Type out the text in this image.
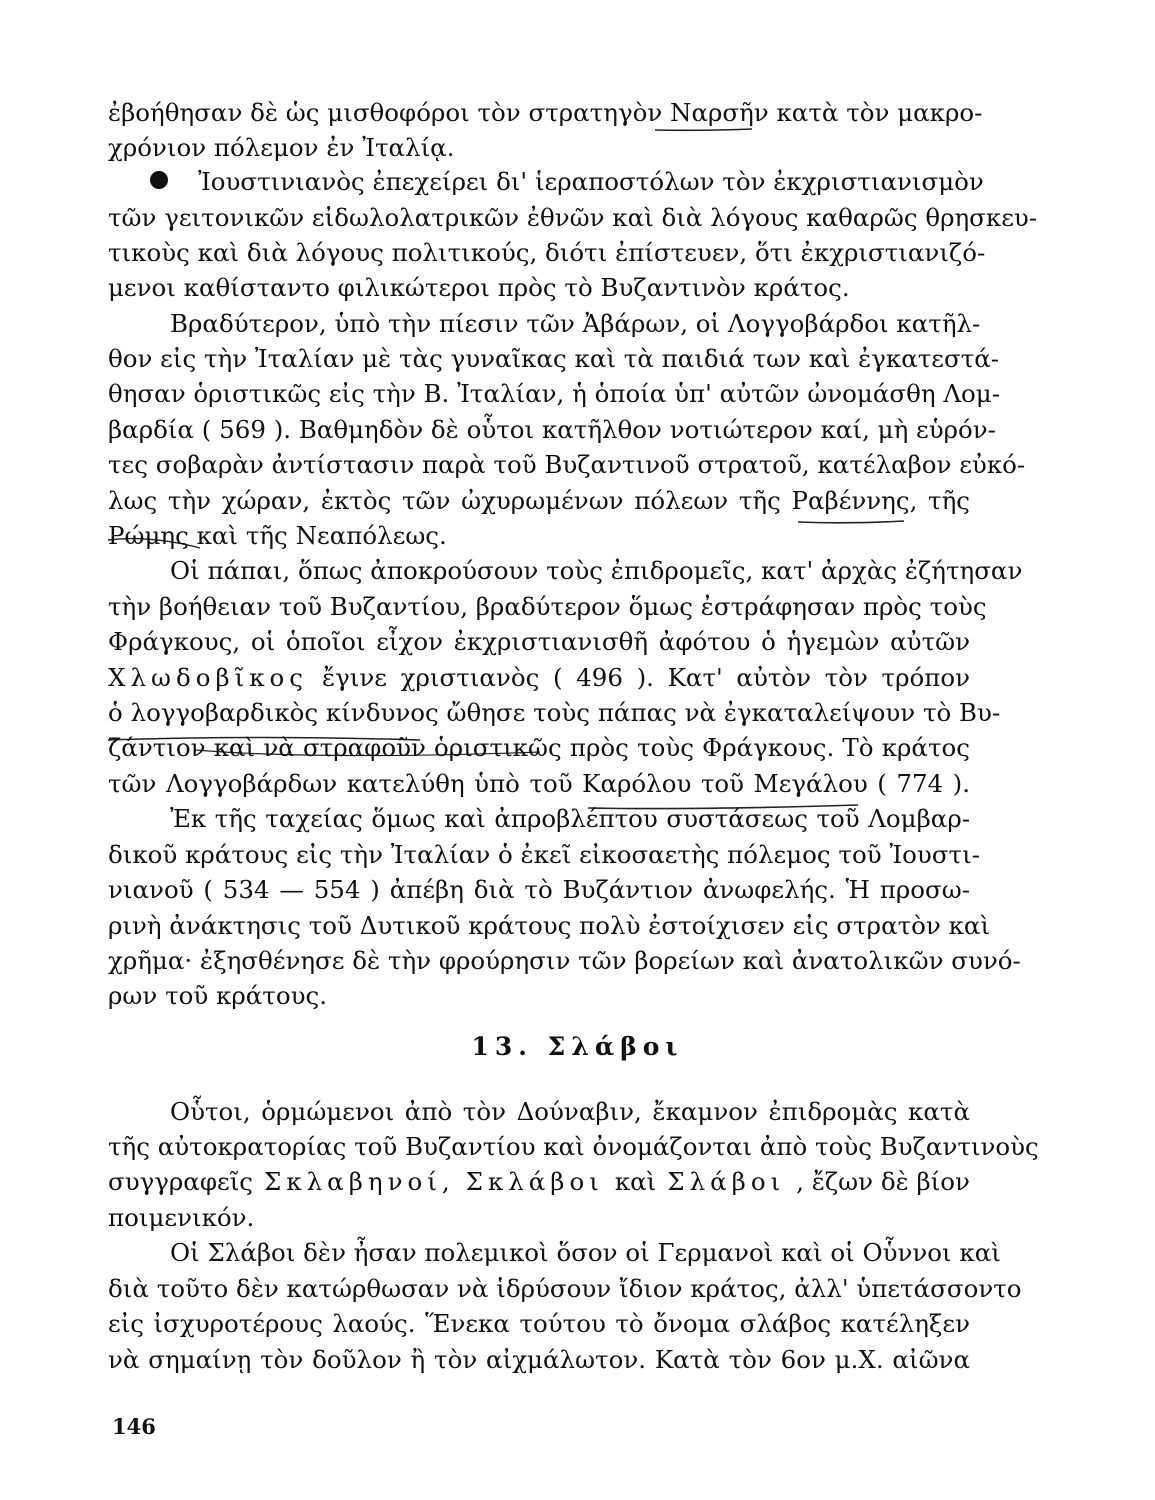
ἐβοήθησαν δὲ ὡς μισθοφόροι τὸν στρατηγὸν Ναρσῆν κατὰ τὸν μακρο-
χρόνιον πόλεμον ἐν Ἰταλίᾳ.
Ἰουστινιανὸς ἐπεχείρει δι' ἱεραποστόλων τὸν ἐκχριστιανισμὸν
τῶν γειτονικῶν εἰδωλολατρικῶν ἐθνῶν καὶ διὰ λόγους καθαρῶς θρησκευ-
τικοὺς καὶ διὰ λόγους πολιτικούς, διότι ἐπίστευεν, ὅτι ἐκχριστιανιζό-
μενοι καθίσταντο φιλικώτεροι πρὸς τὸ Βυζαντινὸν κράτος.
Βραδύτερον, ὑπὸ τὴν πίεσιν τῶν Ἀβάρων, οἱ Λογγοβάρδοι κατῆλ-
θον εἰς τὴν Ἰταλίαν μὲ τὰς γυναῖκας καὶ τὰ παιδιά των καὶ ἐγκατεστά-
θησαν ὁριστικῶς εἰς τὴν Β. Ἰταλίαν, ἡ ὁποία ὑπ' αὐτῶν ὠνομάσθη Λομ-
βαρδία ( 569 ). Βαθμηδὸν δὲ οὗτοι κατῆλθον νοτιώτερον καί, μὴ εὑρόν-
τες σοβαρὰν ἀντίστασιν παρὰ τοῦ Βυζαντινοῦ στρατοῦ, κατέλαβον εὐκό-
λως τὴν χώραν, ἐκτὸς τῶν ὠχυρωμένων πόλεων τῆς Ραβέννης, τῆς
Ρώμης καὶ τῆς Νεαπόλεως.
Οἱ πάπαι, ὅπως ἀποκρούσουν τοὺς ἐπιδρομεῖς, κατ' ἀρχὰς ἐζήτησαν
τὴν βοήθειαν τοῦ Βυζαντίου, βραδύτερον ὅμως ἐστράφησαν πρὸς τοὺς
Φράγκους, οἱ ὁποῖοι εἶχον ἐκχριστιανισθῆ ἀφότου ὁ ἡγεμὼν αὐτῶν
Χλωδοβῖκος ἔγινε χριστιανὸς ( 496 ). Κατ' αὐτὸν τὸν τρόπον
ὁ λογγοβαρδικὸς κίνδυνος ὤθησε τοὺς πάπας νὰ ἐγκαταλείψουν τὸ Βυ-
ζάντιον καὶ νὰ στραφοῦν ὁριστικῶς πρὸς τοὺς Φράγκους. Τὸ κράτος
τῶν Λογγοβάρδων κατελύθη ὑπὸ τοῦ Καρόλου τοῦ Μεγάλου ( 774 ).
Ἐκ τῆς ταχείας ὅμως καὶ ἀπροβλέπτου συστάσεως τοῦ Λομβαρ-
δικοῦ κράτους εἰς τὴν Ἰταλίαν ὁ ἐκεῖ εἰκοσαετὴς πόλεμος τοῦ Ἰουστι-
νιανοῦ ( 534 — 554 ) ἀπέβη διὰ τὸ Βυζάντιον ἀνωφελής. Ἡ προσω-
ρινὴ ἀνάκτησις τοῦ Δυτικοῦ κράτους πολὺ ἐστοίχισεν εἰς στρατὸν καὶ
χρῆμα· ἐξησθένησε δὲ τὴν φρούρησιν τῶν βορείων καὶ ἀνατολικῶν συνό-
ρων τοῦ κράτους.
13. Σλάβοι
Οὗτοι, ὁρμώμενοι ἀπὸ τὸν Δούναβιν, ἔκαμνον ἐπιδρομὰς κατὰ
τῆς αὐτοκρατορίας τοῦ Βυζαντίου καὶ ὀνομάζονται ἀπὸ τοὺς Βυζαντινοὺς
συγγραφεῖς Σκλαβηνοί, Σκλάβοι καὶ Σλάβοι , ἔζων δὲ βίον
ποιμενικόν.
Οἱ Σλάβοι δὲν ἦσαν πολεμικοὶ ὅσον οἱ Γερμανοὶ καὶ οἱ Οὗννοι καὶ
διὰ τοῦτο δὲν κατώρθωσαν νὰ ἱδρύσουν ἴδιον κράτος, ἀλλ' ὑπετάσσοντο
εἰς ἰσχυροτέρους λαούς. Ἕνεκα τούτου τὸ ὄνομα σλάβος κατέληξεν
νὰ σημαίνῃ τὸν δοῦλον ἢ τὸν αἰχμάλωτον. Κατὰ τὸν 6ον μ.Χ. αἰῶνα
146
